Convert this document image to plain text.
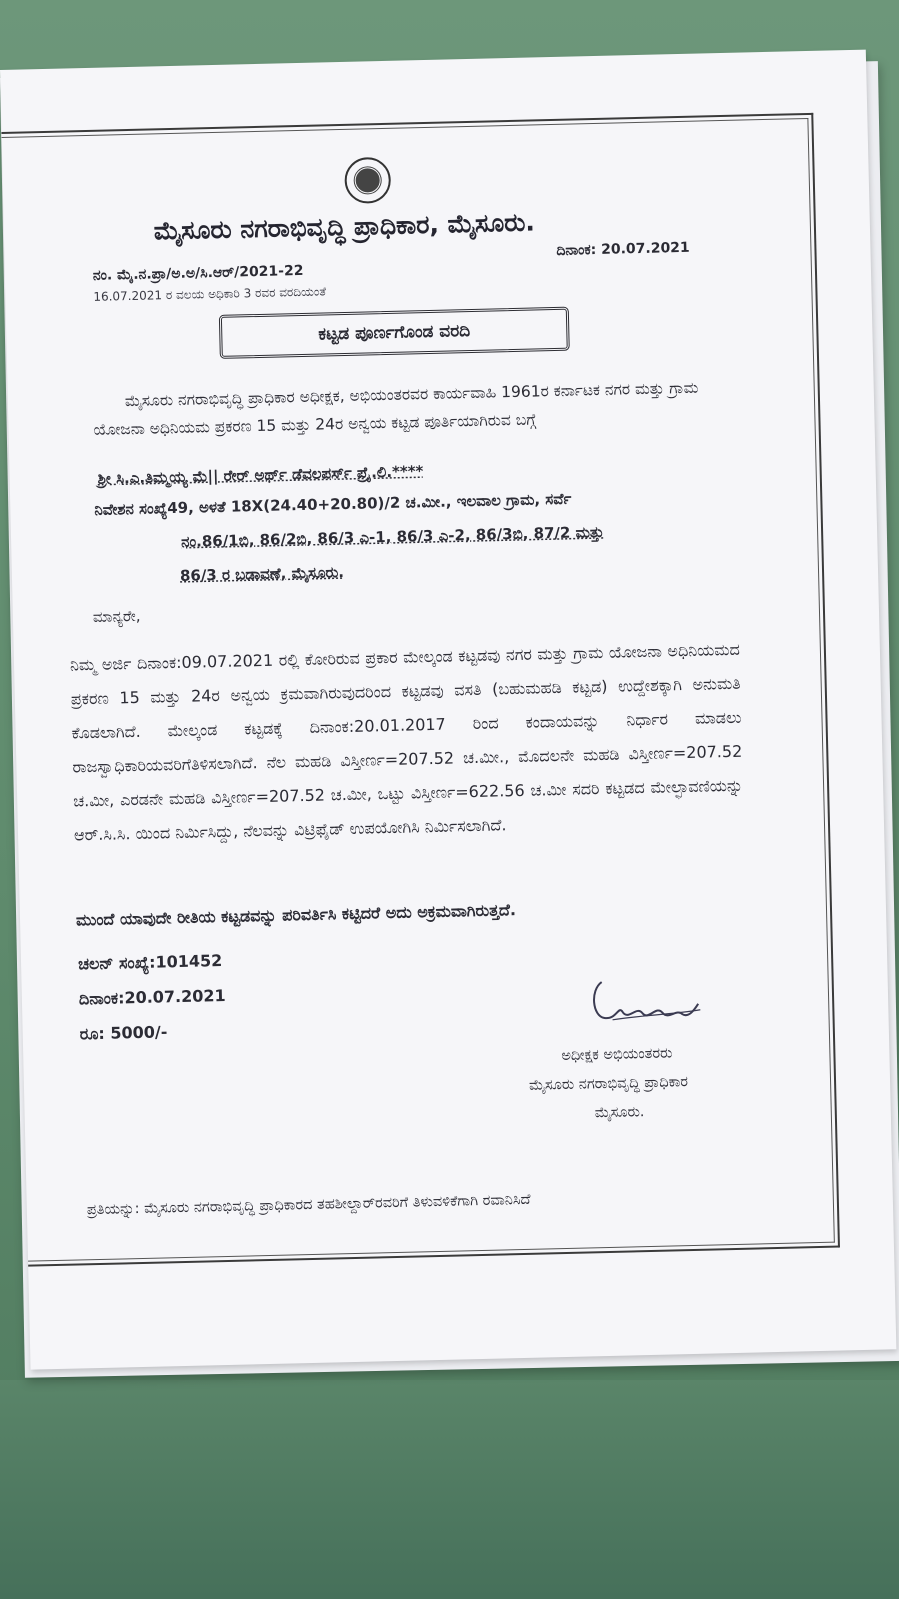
ಮೈಸೂರು ನಗರಾಭಿವೃದ್ಧಿ ಪ್ರಾಧಿಕಾರ, ಮೈಸೂರು.
ನಂ. ಮೈ.ನ.ಪ್ರಾ/ಅ.ಅ/ಸಿ.ಆರ್/2021-22
ದಿನಾಂಕ: 20.07.2021
16.07.2021 ರ ವಲಯ ಅಧಿಕಾರಿ 3 ರವರ ವರದಿಯಂತೆ
ಕಟ್ಟಡ ಪೂರ್ಣಗೊಂಡ ವರದಿ
ಮೈಸೂರು ನಗರಾಭಿವೃದ್ಧಿ ಪ್ರಾಧಿಕಾರ ಅಧೀಕ್ಷಕ, ಅಭಿಯಂತರವರ ಕಾರ್ಯವಾಹಿ 1961ರ ಕರ್ನಾಟಕ ನಗರ ಮತ್ತು ಗ್ರಾಮ ಯೋಜನಾ ಅಧಿನಿಯಮ ಪ್ರಕರಣ 15 ಮತ್ತು 24ರ ಅನ್ವಯ ಕಟ್ಟಡ ಪೂರ್ತಿಯಾಗಿರುವ ಬಗ್ಗೆ
ಶ್ರೀ ಸಿ.ಎ.ತಿಮ್ಮಯ್ಯ ಮೆ|| ರೇರ್ ಅರ್ಥ್ ಡೆವಲಪರ್ಸ್ ಪ್ರೈ.ಲಿ.****
ನಿವೇಶನ ಸಂಖ್ಯೆ49, ಅಳತೆ 18X(24.40+20.80)/2 ಚ.ಮೀ., ಇಲವಾಲ ಗ್ರಾಮ, ಸರ್ವೆ
ನಂ.86/1ಬಿ, 86/2ಬಿ, 86/3 ಎ-1, 86/3 ಎ-2, 86/3ಬಿ, 87/2 ಮತ್ತು
86/3 ರ ಬಡಾವಣೆ, ಮೈಸೂರು.
ಮಾನ್ಯರೇ,
ನಿಮ್ಮ ಅರ್ಜಿ ದಿನಾಂಕ:09.07.2021 ರಲ್ಲಿ ಕೋರಿರುವ ಪ್ರಕಾರ ಮೇಲ್ಕಂಡ ಕಟ್ಟಡವು ನಗರ ಮತ್ತು ಗ್ರಾಮ ಯೋಜನಾ ಅಧಿನಿಯಮದ ಪ್ರಕರಣ 15 ಮತ್ತು 24ರ ಅನ್ವಯ ಕ್ರಮವಾಗಿರುವುದರಿಂದ ಕಟ್ಟಡವು ವಸತಿ (ಬಹುಮಹಡಿ ಕಟ್ಟಡ) ಉದ್ದೇಶಕ್ಕಾಗಿ ಅನುಮತಿ ಕೊಡಲಾಗಿದೆ. ಮೇಲ್ಕಂಡ ಕಟ್ಟಡಕ್ಕೆ ದಿನಾಂಕ:20.01.2017 ರಿಂದ ಕಂದಾಯವನ್ನು ನಿರ್ಧಾರ ಮಾಡಲು ರಾಜಸ್ವಾಧಿಕಾರಿಯವರಿಗೆತಿಳಿಸಲಾಗಿದೆ. ನೆಲ ಮಹಡಿ ವಿಸ್ತೀರ್ಣ=207.52 ಚ.ಮೀ., ಮೊದಲನೇ ಮಹಡಿ ವಿಸ್ತೀರ್ಣ=207.52 ಚ.ಮೀ, ಎರಡನೇ ಮಹಡಿ ವಿಸ್ತೀರ್ಣ=207.52 ಚ.ಮೀ, ಒಟ್ಟು ವಿಸ್ತೀರ್ಣ=622.56 ಚ.ಮೀ ಸದರಿ ಕಟ್ಟಡದ ಮೇಲ್ಛಾವಣಿಯನ್ನು ಆರ್.ಸಿ.ಸಿ. ಯಿಂದ ನಿರ್ಮಿಸಿದ್ದು, ನೆಲವನ್ನು ವಿಟ್ರಿಫೈಡ್ ಉಪಯೋಗಿಸಿ ನಿರ್ಮಿಸಲಾಗಿದೆ.
ಮುಂದೆ ಯಾವುದೇ ರೀತಿಯ ಕಟ್ಟಡವನ್ನು ಪರಿವರ್ತಿಸಿ ಕಟ್ಟಿದರೆ ಅದು ಅಕ್ರಮವಾಗಿರುತ್ತದೆ.
ಚಲನ್ ಸಂಖ್ಯೆ:101452
ದಿನಾಂಕ:20.07.2021
ರೂ: 5000/-
ಅಧೀಕ್ಷಕ ಅಭಿಯಂತರರು
ಮೈಸೂರು ನಗರಾಭಿವೃದ್ಧಿ ಪ್ರಾಧಿಕಾರ
ಮೈಸೂರು.
ಪ್ರತಿಯನ್ನು: ಮೈಸೂರು ನಗರಾಭಿವೃದ್ಧಿ ಪ್ರಾಧಿಕಾರದ ತಹಶೀಲ್ದಾರ್‌ರವರಿಗೆ ತಿಳುವಳಿಕೆಗಾಗಿ ರವಾನಿಸಿದೆ
